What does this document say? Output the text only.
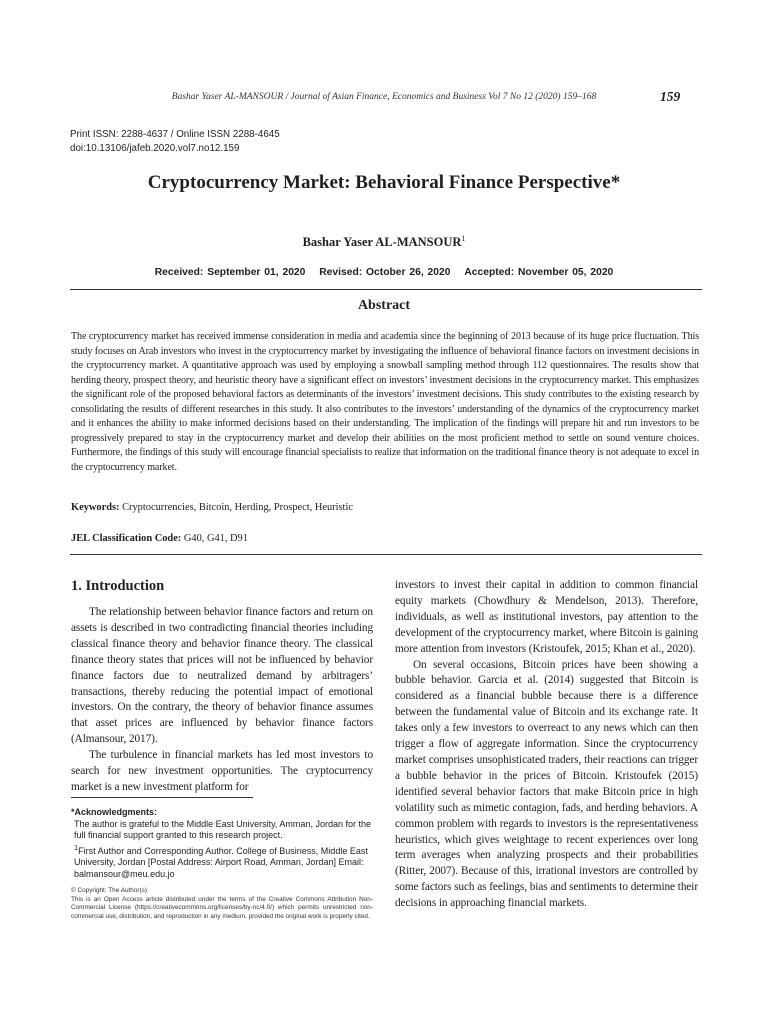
Bashar Yaser AL-MANSOUR / Journal of Asian Finance, Economics and Business Vol 7 No 12 (2020) 159–168	159
Print ISSN: 2288-4637 / Online ISSN 2288-4645
doi:10.13106/jafeb.2020.vol7.no12.159
Cryptocurrency Market: Behavioral Finance Perspective*
Bashar Yaser AL-MANSOUR$^1$
Received: September 01, 2020 Revised: October 26, 2020 Accepted: November 05, 2020
Abstract
The cryptocurrency market has received immense consideration in media and academia since the beginning of 2013 because of its huge price fluctuation. This study focuses on Arab investors who invest in the cryptocurrency market by investigating the influence of behavioral finance factors on investment decisions in the cryptocurrency market. A quantitative approach was used by employing a snowball sampling method through 112 questionnaires. The results show that herding theory, prospect theory, and heuristic theory have a significant effect on investors’ investment decisions in the cryptocurrency market. This emphasizes the significant role of the proposed behavioral factors as determinants of the investors’ investment decisions. This study contributes to the existing research by consolidating the results of different researches in this study. It also contributes to the investors’ understanding of the dynamics of the cryptocurrency market and it enhances the ability to make informed decisions based on their understanding. The implication of the findings will prepare hit and run investors to be progressively prepared to stay in the cryptocurrency market and develop their abilities on the most proficient method to settle on sound venture choices. Furthermore, the findings of this study will encourage financial specialists to realize that information on the traditional finance theory is not adequate to excel in the cryptocurrency market.
Keywords: Cryptocurrencies, Bitcoin, Herding, Prospect, Heuristic
JEL Classification Code: G40, G41, D91
1. Introduction

The relationship between behavior finance factors and return on assets is described in two contradicting financial theories including classical finance theory and behavior finance theory. The classical finance theory states that prices will not be influenced by behavior finance factors due to neutralized demand by arbitragers’ transactions, thereby reducing the potential impact of emotional investors. On the contrary, the theory of behavior finance assumes that asset prices are influenced by behavior finance factors (Almansour, 2017).

The turbulence in financial markets has led most investors to search for new investment opportunities. The cryptocurrency market is a new investment platform for

*Acknowledgments:
The author is grateful to the Middle East University, Amman, Jordan for the full financial support granted to this research project.
$^1$First Author and Corresponding Author. College of Business, Middle East University, Jordan [Postal Address: Airport Road, Amman, Jordan] Email: balmansour@meu.edu.jo
© Copyright: The Author(s)
This is an Open Access article distributed under the terms of the Creative Commons Attribution Non-Commercial License (https://creativecommons.org/licenses/by-nc/4.0/) which permits unrestricted non-commercial use, distribution, and reproduction in any medium, provided the original work is properly cited.

investors to invest their capital in addition to common financial equity markets (Chowdhury & Mendelson, 2013). Therefore, individuals, as well as institutional investors, pay attention to the development of the cryptocurrency market, where Bitcoin is gaining more attention from investors (Kristoufek, 2015; Khan et al., 2020).

On several occasions, Bitcoin prices have been showing a bubble behavior. Garcia et al. (2014) suggested that Bitcoin is considered as a financial bubble because there is a difference between the fundamental value of Bitcoin and its exchange rate. It takes only a few investors to overreact to any news which can then trigger a flow of aggregate information. Since the cryptocurrency market comprises unsophisticated traders, their reactions can trigger a bubble behavior in the prices of Bitcoin. Kristoufek (2015) identified several behavior factors that make Bitcoin price in high volatility such as mimetic contagion, fads, and herding behaviors. A common problem with regards to investors is the representativeness heuristics, which gives weightage to recent experiences over long term averages when analyzing prospects and their probabilities (Ritter, 2007). Because of this, irrational investors are controlled by some factors such as feelings, bias and sentiments to determine their decisions in approaching financial markets.
